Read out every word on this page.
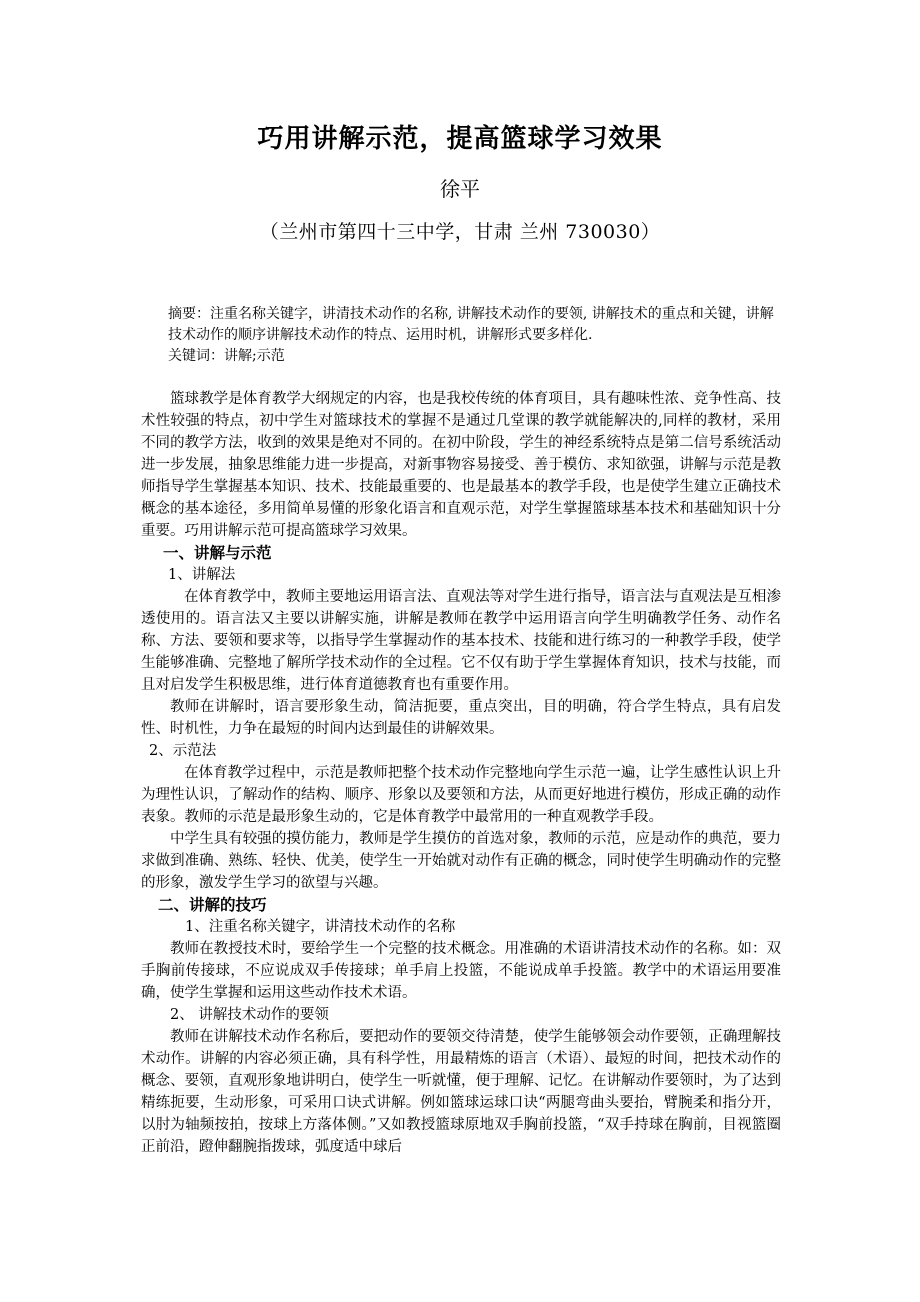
巧用讲解示范，提高篮球学习效果
徐平
（兰州市第四十三中学，甘肃 兰州 730030）
摘要：注重名称关键字，讲清技术动作的名称, 讲解技术动作的要领, 讲解技术的重点和关键，讲解技术动作的顺序讲解技术动作的特点、运用时机，讲解形式要多样化.
关键词：讲解;示范

篮球教学是体育教学大纲规定的内容，也是我校传统的体育项目，具有趣味性浓、竞争性高、技术性较强的特点，初中学生对篮球技术的掌握不是通过几堂课的教学就能解决的,同样的教材，采用不同的教学方法，收到的效果是绝对不同的。在初中阶段，学生的神经系统特点是第二信号系统活动进一步发展，抽象思维能力进一步提高，对新事物容易接受、善于模仿、求知欲强，讲解与示范是教师指导学生掌握基本知识、技术、技能最重要的、也是最基本的教学手段，也是使学生建立正确技术概念的基本途径，多用简单易懂的形象化语言和直观示范，对学生掌握篮球基本技术和基础知识十分重要。巧用讲解示范可提高篮球学习效果。

一、讲解与示范

1、讲解法

在体育教学中，教师主要地运用语言法、直观法等对学生进行指导，语言法与直观法是互相渗透使用的。语言法又主要以讲解实施，讲解是教师在教学中运用语言向学生明确教学任务、动作名称、方法、要领和要求等，以指导学生掌握动作的基本技术、技能和进行练习的一种教学手段，使学生能够准确、完整地了解所学技术动作的全过程。它不仅有助于学生掌握体育知识，技术与技能，而且对启发学生积极思维，进行体育道德教育也有重要作用。

教师在讲解时，语言要形象生动，简洁扼要，重点突出，目的明确，符合学生特点，具有启发性、时机性，力争在最短的时间内达到最佳的讲解效果。

2、示范法

在体育教学过程中，示范是教师把整个技术动作完整地向学生示范一遍，让学生感性认识上升为理性认识，了解动作的结构、顺序、形象以及要领和方法，从而更好地进行模仿，形成正确的动作表象。教师的示范是最形象生动的，它是体育教学中最常用的一种直观教学手段。

中学生具有较强的摸仿能力，教师是学生摸仿的首选对象，教师的示范，应是动作的典范，要力求做到准确、熟练、轻快、优美，使学生一开始就对动作有正确的概念，同时使学生明确动作的完整的形象，激发学生学习的欲望与兴趣。

二、讲解的技巧

1、注重名称关键字，讲清技术动作的名称

教师在教授技术时，要给学生一个完整的技术概念。用准确的术语讲清技术动作的名称。如：双手胸前传接球，不应说成双手传接球；单手肩上投篮，不能说成单手投篮。教学中的术语运用要准确，使学生掌握和运用这些动作技术术语。

2、 讲解技术动作的要领

教师在讲解技术动作名称后，要把动作的要领交待清楚，使学生能够领会动作要领，正确理解技术动作。讲解的内容必须正确，具有科学性，用最精炼的语言（术语）、最短的时间，把技术动作的概念、要领，直观形象地讲明白，使学生一听就懂，便于理解、记忆。在讲解动作要领时，为了达到精练扼要，生动形象，可采用口诀式讲解。例如篮球运球口诀“两腿弯曲头要抬，臂腕柔和指分开，以肘为轴频按拍，按球上方落体侧。”又如教授篮球原地双手胸前投篮，“双手持球在胸前，目视篮圈正前沿，蹬伸翻腕指拨球，弧度适中球后
